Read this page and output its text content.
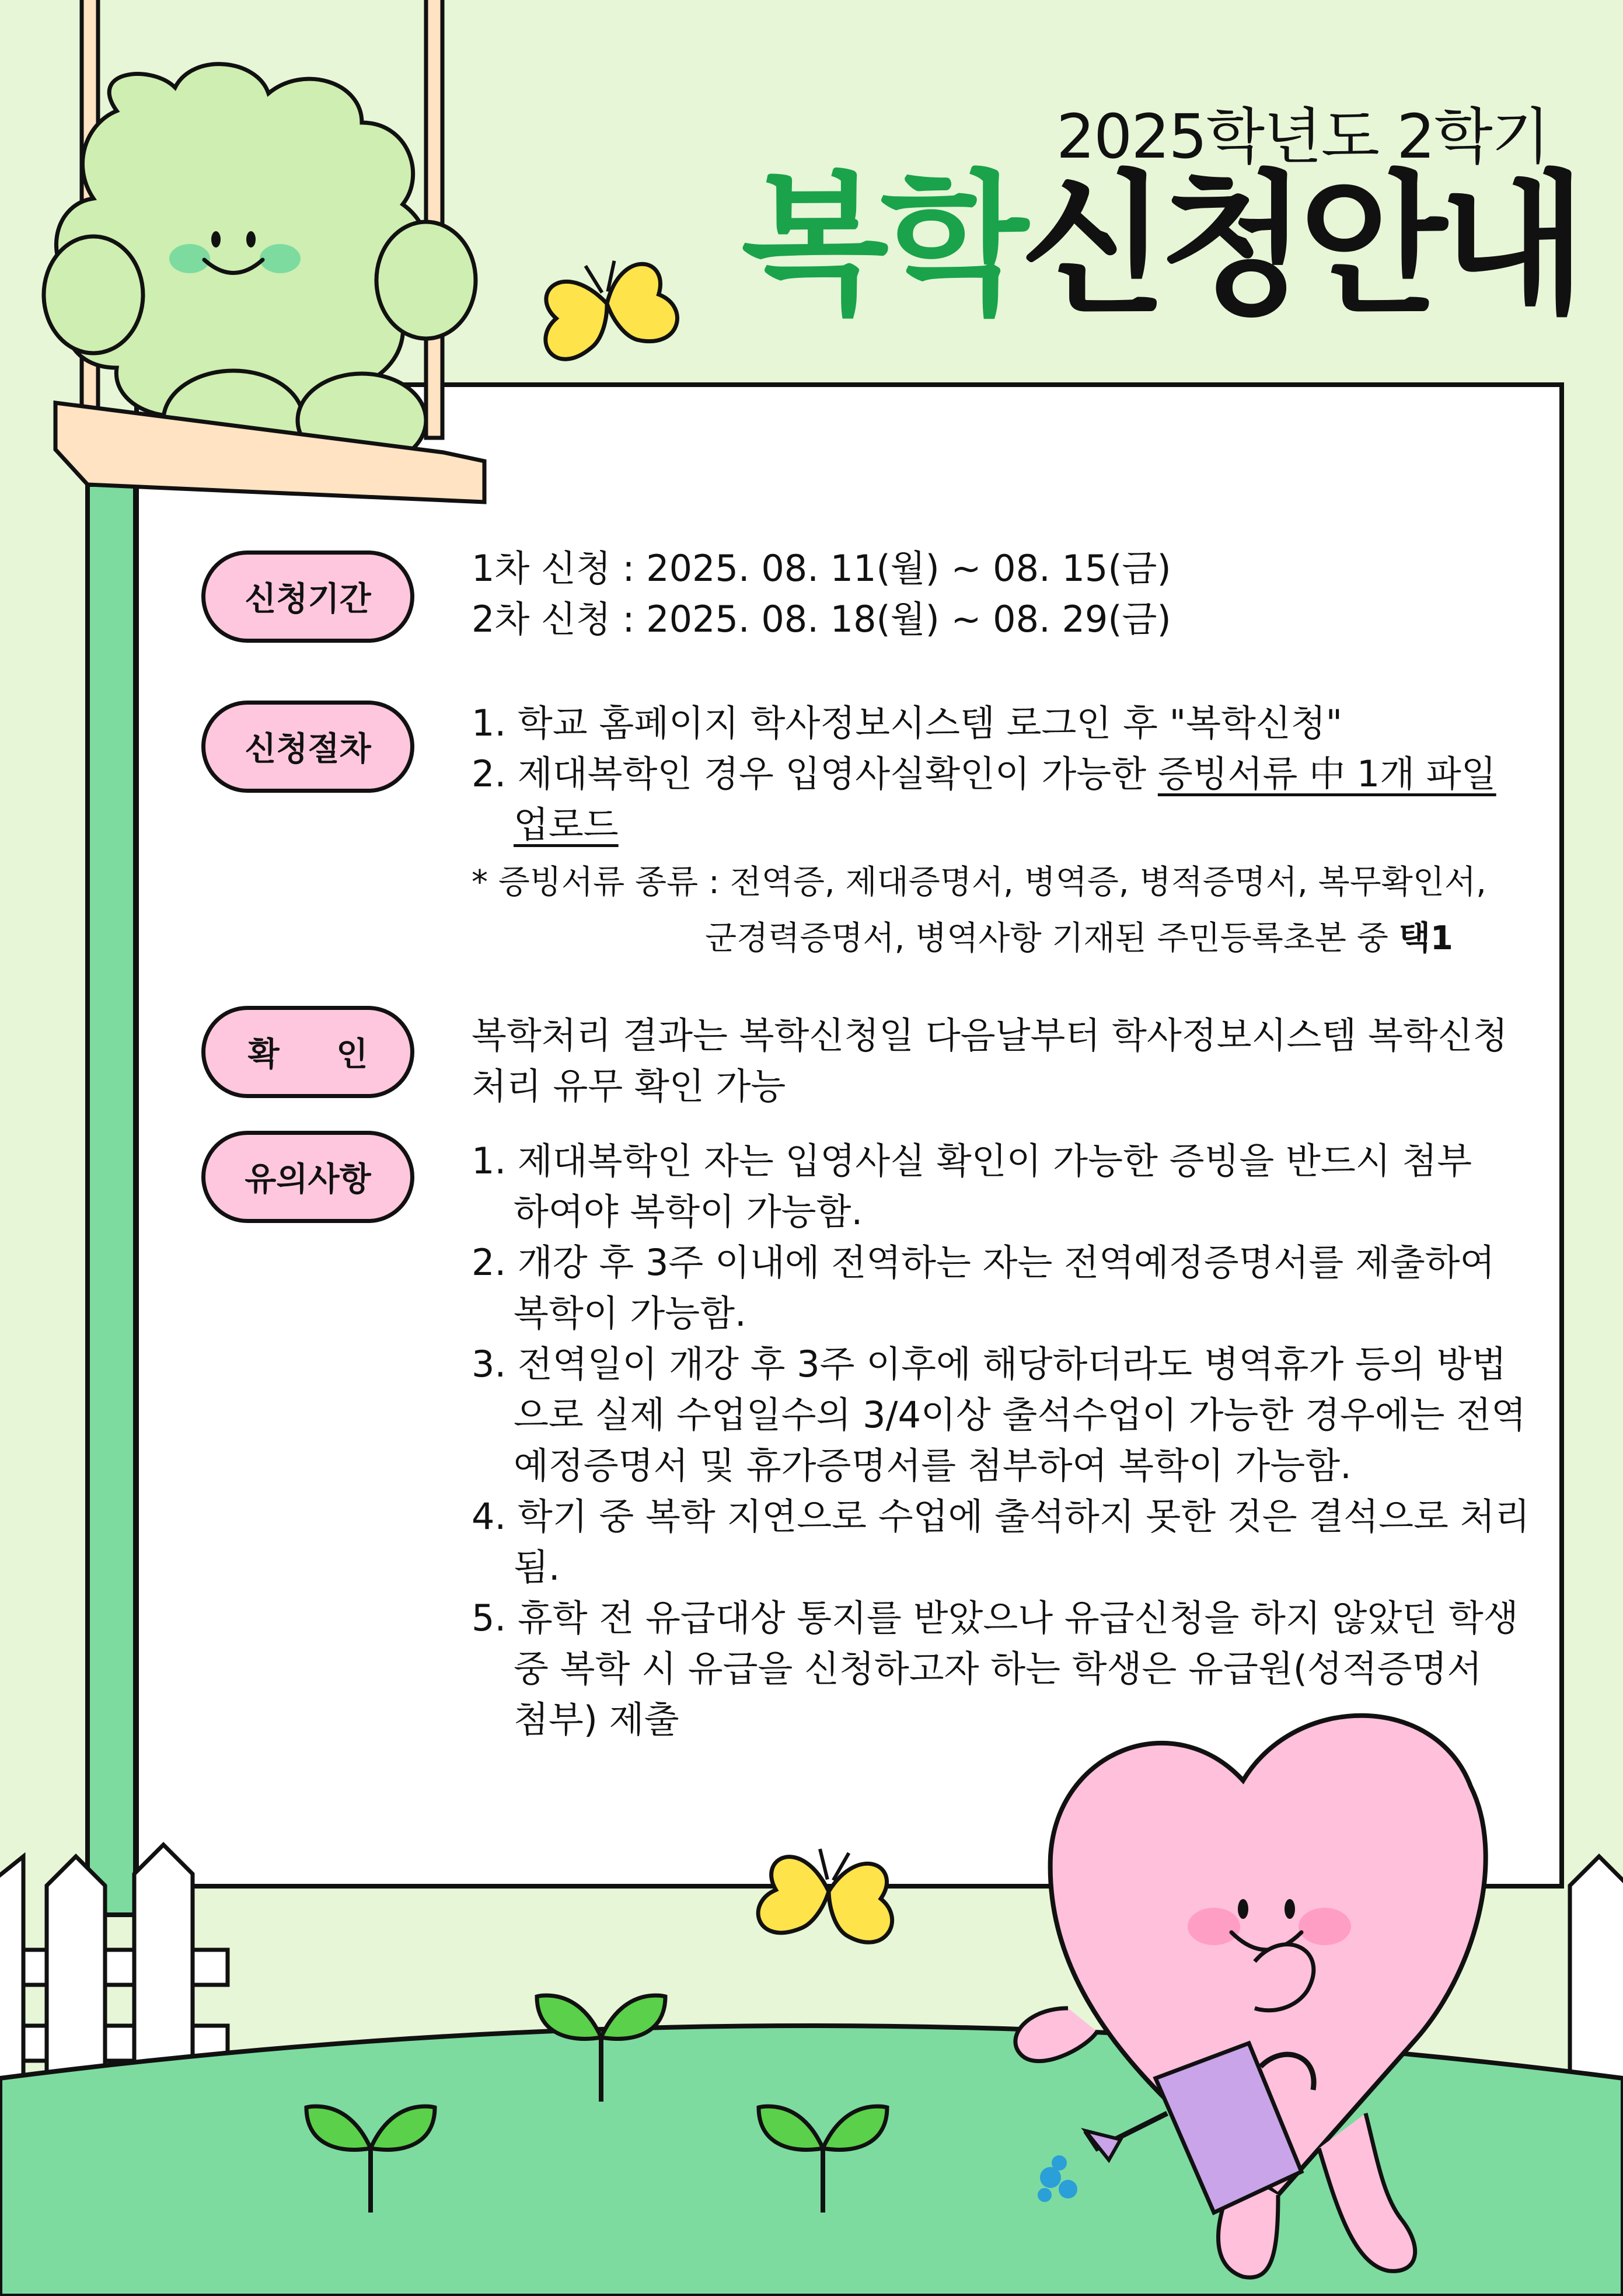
2025학년도 2학기
복학신청안내
신청기간
신청절차
확     인
유의사항

1차 신청 : 2025. 08. 11(월) ~ 08. 15(금)

2차 신청 : 2025. 08. 18(월) ~ 08. 29(금)

1. 학교 홈페이지 학사정보시스템 로그인 후 "복학신청"

2. 제대복학인 경우 입영사실확인이 가능한 증빙서류 中 1개 파일
업로드

* 증빙서류 종류 : 전역증, 제대증명서, 병역증, 병적증명서, 복무확인서,

군경력증명서, 병역사항 기재된 주민등록초본 중 택1

복학처리 결과는 복학신청일 다음날부터 학사정보시스템 복학신청

처리 유무 확인 가능

1. 제대복학인 자는 입영사실 확인이 가능한 증빙을 반드시 첨부
하여야 복학이 가능함.

2. 개강 후 3주 이내에 전역하는 자는 전역예정증명서를 제출하여
복학이 가능함.

3. 전역일이 개강 후 3주 이후에 해당하더라도 병역휴가 등의 방법
으로 실제 수업일수의 3/4이상 출석수업이 가능한 경우에는 전역
예정증명서 및 휴가증명서를 첨부하여 복학이 가능함.

4. 학기 중 복학 지연으로 수업에 출석하지 못한 것은 결석으로 처리
됨.

5. 휴학 전 유급대상 통지를 받았으나 유급신청을 하지 않았던 학생
중 복학 시 유급을 신청하고자 하는 학생은 유급원(성적증명서
첨부) 제출
